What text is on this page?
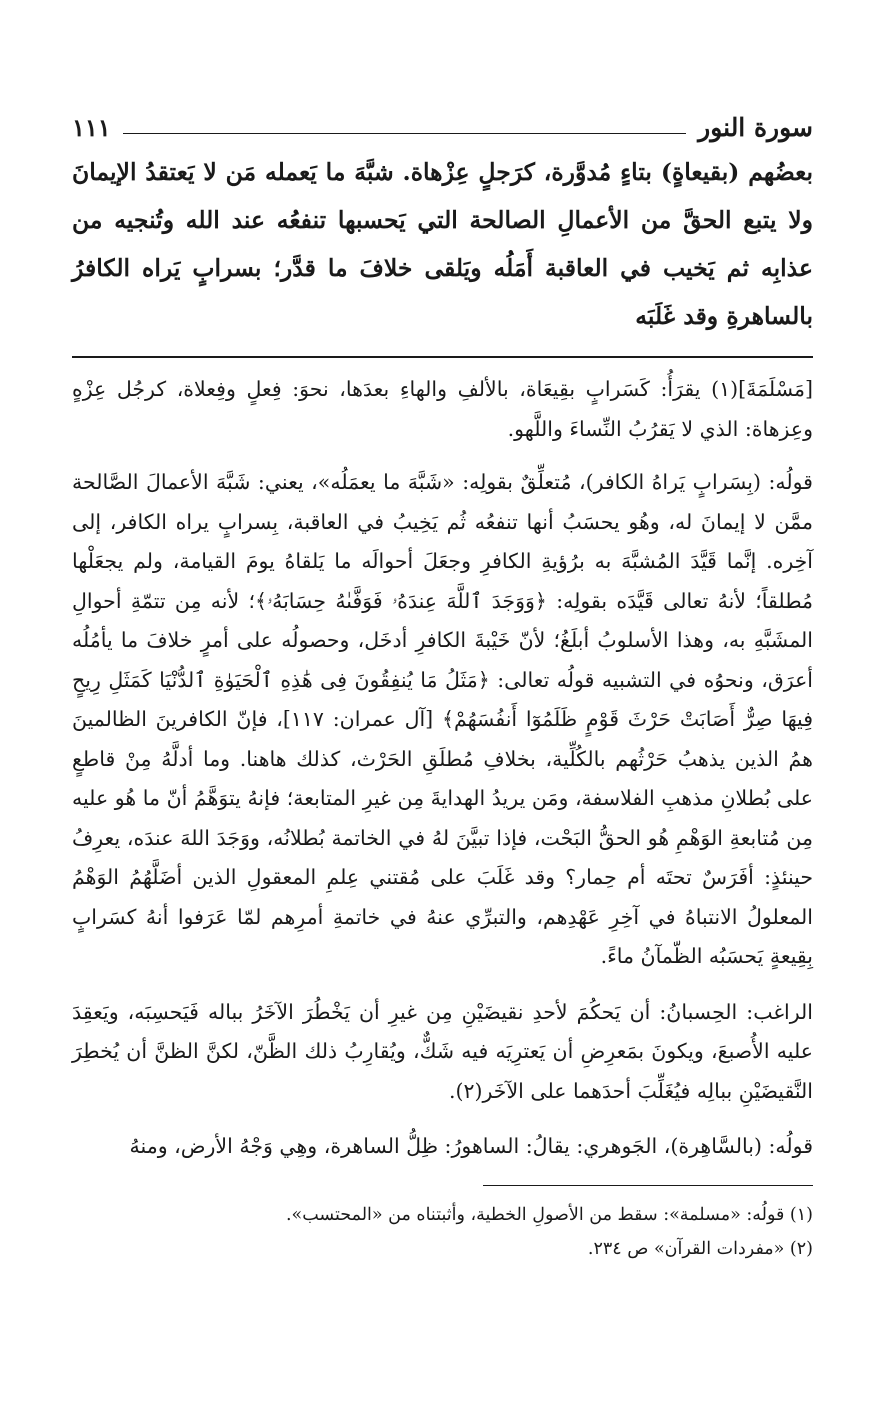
سورة النور
١١١

بعضُهم (بقيعاةٍ) بتاءٍ مُدوَّرة، كرَجلٍ عِزْهاة. شبَّهَ ما يَعمله مَن لا يَعتقدُ الإيمانَ ولا يتبع الحقَّ من الأعمالِ الصالحة التي يَحسبها تنفعُه عند الله وتُنجيه من عذابِه ثم يَخيب في العاقبة أَمَلُه ويَلقى خلافَ ما قدَّر؛ بسرابٍ يَراه الكافرُ بالساهرةِ وقد غَلَبَه

[مَسْلَمَةَ](١) يقرَأُ: كَسَرابٍ بقِيعَاة، بالألفِ والهاءِ بعدَها، نحوَ: فِعلٍ وفِعلاة، كرجُل عِزْهٍ وعِزهاة: الذي لا يَقرُبُ النِّساءَ واللَّهو.

قولُه: (بِسَرابٍ يَراهُ الكافر)، مُتعلِّقٌ بقولِه: «شَبَّهَ ما يعمَلُه»، يعني: شَبَّهَ الأعمالَ الصَّالحة ممَّن لا إيمانَ له، وهُو يحسَبُ أنها تنفعُه ثُم يَخِيبُ في العاقبة، بِسرابٍ يراه الكافر، إلى آخِره. إنَّما قَيَّدَ المُشبَّهَ به برُؤيةِ الكافرِ وجعَلَ أحوالَه ما يَلقاهُ يومَ القيامة، ولم يجعَلْها مُطلقاً؛ لأنهُ تعالى قَيَّدَه بقولِه: ﴿وَوَجَدَ ٱللَّهَ عِندَهُۥ فَوَفَّىٰهُ حِسَابَهُۥ﴾؛ لأنه مِن تتمّةِ أحوالِ المشَبَّهِ به، وهذا الأسلوبُ أبلَغُ؛ لأنّ خَيْبةَ الكافرِ أدخَل، وحصولُه على أمرٍ خلافَ ما يأمُلُه أعرَق، ونحوُه في التشبيه قولُه تعالى: ﴿مَثَلُ مَا يُنفِقُونَ فِى هَٰذِهِ ٱلْحَيَوٰةِ ٱلدُّنْيَا كَمَثَلِ رِيحٍ فِيهَا صِرٌّ أَصَابَتْ حَرْثَ قَوْمٍ ظَلَمُوٓا أَنفُسَهُمْ﴾ [آل عمران: ١١٧]، فإنّ الكافرينَ الظالمينَ همُ الذين يذهبُ حَرْثُهم بالكُلِّية، بخلافِ مُطلَقِ الحَرْث، كذلك هاهنا. وما أدلَّهُ مِنْ قاطعٍ على بُطلانِ مذهبِ الفلاسفة، ومَن يريدُ الهدايةَ مِن غيرِ المتابعة؛ فإنهُ يتوَهَّمُ أنّ ما هُو عليه مِن مُتابعةِ الوَهْمِ هُو الحقُّ البَحْت، فإذا تبيَّنَ لهُ في الخاتمة بُطلانُه، ووَجَدَ اللهَ عندَه، يعرِفُ حينئذٍ: أفَرَسٌ تحتَه أم حِمار؟ وقد غَلَبَ على مُقتني عِلمِ المعقولِ الذين أضَلَّهُمُ الوَهْمُ المعلولُ الانتباهُ في آخِرِ عَهْدِهم، والتبرِّي عنهُ في خاتمةِ أمرِهم لمّا عَرَفوا أنهُ كسَرابٍ بِقِيعةٍ يَحسَبُه الظّمآنُ ماءً.

الراغب: الحِسبانُ: أن يَحكُمَ لأحدِ نقيضَيْنِ مِن غيرِ أن يَخْطُرَ الآخَرُ بباله فَيَحسِبَه، ويَعقِدَ عليه الأُصبعَ، ويكونَ بمَعرِضِ أن يَعترِيَه فيه شَكٌّ، ويُقارِبُ ذلك الظَّنّ، لكنَّ الظنَّ أن يُخطِرَ النَّقيضَيْنِ ببالِه فيُغَلِّبَ أحدَهما على الآخَر(٢).

قولُه: (بالسَّاهِرة)، الجَوهري: يقالُ: الساهورُ: ظِلُّ الساهرة، وهِي وَجْهُ الأرض، ومنهُ

(١) قولُه: «مسلمة»: سقط من الأصولِ الخطية، وأثبتناه من «المحتسب».

(٢) «مفردات القرآن» ص ٢٣٤.
